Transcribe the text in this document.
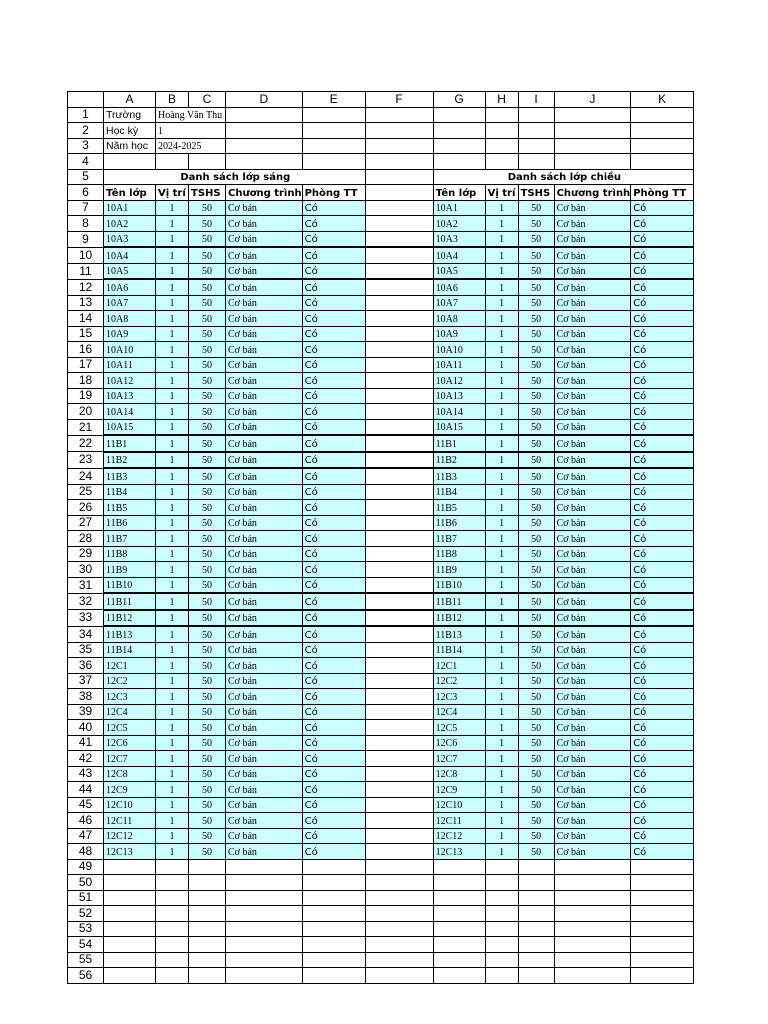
	A	B	C	D	E	F	G	H	I	J	K
1	Trường	Hoàng Văn Thu									
2	Học kỳ	1									
3	Năm học	2024-2025									
4											
5	Danh sách lớp sáng						Danh sách lớp chiều				
6	Tên lớp	Vị trí	TSHS	Chương trình	Phòng TT		Tên lớp	Vị trí	TSHS	Chương trình	Phòng TT
7	10A1	1	50	Cơ bản	Có		10A1	1	50	Cơ bản	Có
8	10A2	1	50	Cơ bản	Có		10A2	1	50	Cơ bản	Có
9	10A3	1	50	Cơ bản	Có		10A3	1	50	Cơ bản	Có
10	10A4	1	50	Cơ bản	Có		10A4	1	50	Cơ bản	Có
11	10A5	1	50	Cơ bản	Có		10A5	1	50	Cơ bản	Có
12	10A6	1	50	Cơ bản	Có		10A6	1	50	Cơ bản	Có
13	10A7	1	50	Cơ bản	Có		10A7	1	50	Cơ bản	Có
14	10A8	1	50	Cơ bản	Có		10A8	1	50	Cơ bản	Có
15	10A9	1	50	Cơ bản	Có		10A9	1	50	Cơ bản	Có
16	10A10	1	50	Cơ bản	Có		10A10	1	50	Cơ bản	Có
17	10A11	1	50	Cơ bản	Có		10A11	1	50	Cơ bản	Có
18	10A12	1	50	Cơ bản	Có		10A12	1	50	Cơ bản	Có
19	10A13	1	50	Cơ bản	Có		10A13	1	50	Cơ bản	Có
20	10A14	1	50	Cơ bản	Có		10A14	1	50	Cơ bản	Có
21	10A15	1	50	Cơ bản	Có		10A15	1	50	Cơ bản	Có
22	11B1	1	50	Cơ bản	Có		11B1	1	50	Cơ bản	Có
23	11B2	1	50	Cơ bản	Có		11B2	1	50	Cơ bản	Có
24	11B3	1	50	Cơ bản	Có		11B3	1	50	Cơ bản	Có
25	11B4	1	50	Cơ bản	Có		11B4	1	50	Cơ bản	Có
26	11B5	1	50	Cơ bản	Có		11B5	1	50	Cơ bản	Có
27	11B6	1	50	Cơ bản	Có		11B6	1	50	Cơ bản	Có
28	11B7	1	50	Cơ bản	Có		11B7	1	50	Cơ bản	Có
29	11B8	1	50	Cơ bản	Có		11B8	1	50	Cơ bản	Có
30	11B9	1	50	Cơ bản	Có		11B9	1	50	Cơ bản	Có
31	11B10	1	50	Cơ bản	Có		11B10	1	50	Cơ bản	Có
32	11B11	1	50	Cơ bản	Có		11B11	1	50	Cơ bản	Có
33	11B12	1	50	Cơ bản	Có		11B12	1	50	Cơ bản	Có
34	11B13	1	50	Cơ bản	Có		11B13	1	50	Cơ bản	Có
35	11B14	1	50	Cơ bản	Có		11B14	1	50	Cơ bản	Có
36	12C1	1	50	Cơ bản	Có		12C1	1	50	Cơ bản	Có
37	12C2	1	50	Cơ bản	Có		12C2	1	50	Cơ bản	Có
38	12C3	1	50	Cơ bản	Có		12C3	1	50	Cơ bản	Có
39	12C4	1	50	Cơ bản	Có		12C4	1	50	Cơ bản	Có
40	12C5	1	50	Cơ bản	Có		12C5	1	50	Cơ bản	Có
41	12C6	1	50	Cơ bản	Có		12C6	1	50	Cơ bản	Có
42	12C7	1	50	Cơ bản	Có		12C7	1	50	Cơ bản	Có
43	12C8	1	50	Cơ bản	Có		12C8	1	50	Cơ bản	Có
44	12C9	1	50	Cơ bản	Có		12C9	1	50	Cơ bản	Có
45	12C10	1	50	Cơ bản	Có		12C10	1	50	Cơ bản	Có
46	12C11	1	50	Cơ bản	Có		12C11	1	50	Cơ bản	Có
47	12C12	1	50	Cơ bản	Có		12C12	1	50	Cơ bản	Có
48	12C13	1	50	Cơ bản	Có		12C13	1	50	Cơ bản	Có
49											
50											
51											
52											
53											
54											
55											
56											
